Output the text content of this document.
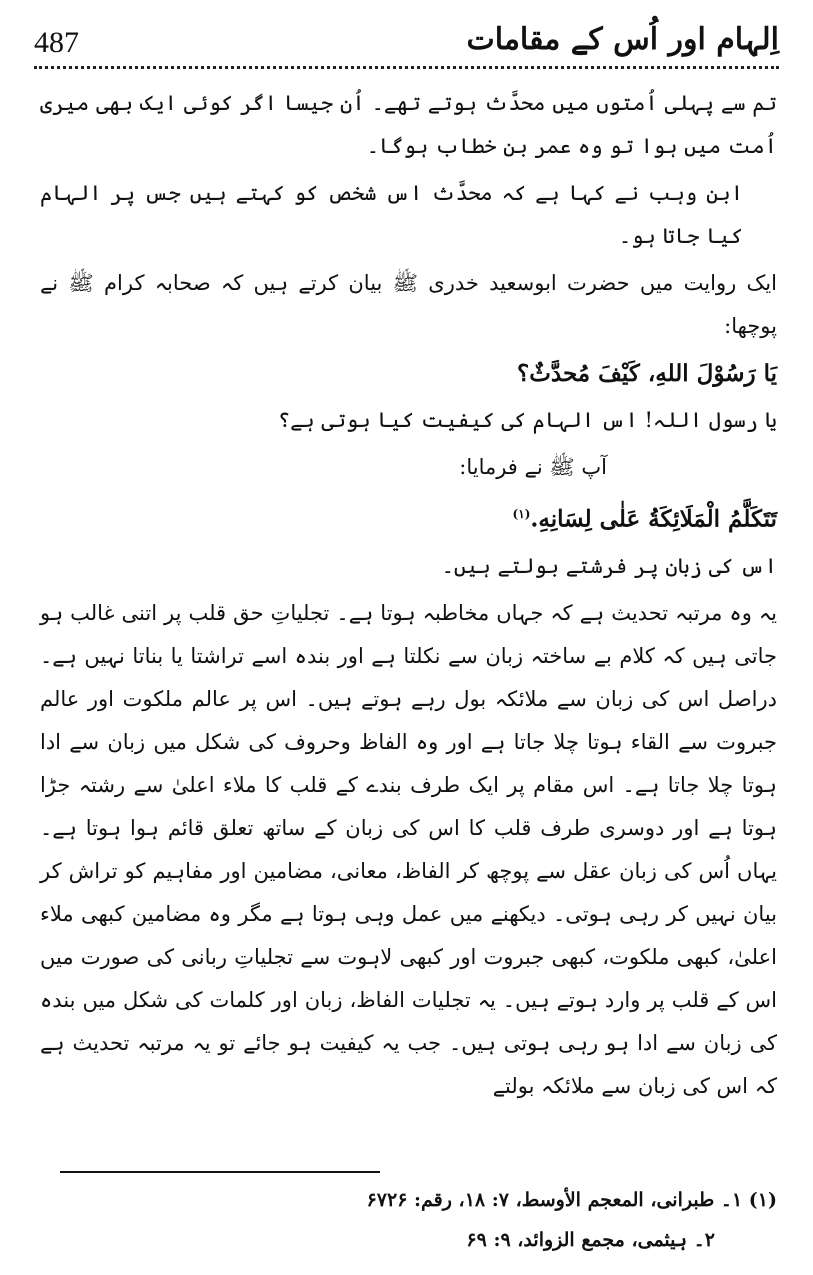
487	اِلہام اور اُس کے مقامات

تم سے پہلی اُمتوں میں محدَّث ہوتے تھے۔ اُن جیسا اگر کوئی ایک بھی میری اُمت میں ہوا تو وہ عمر بن خطاب ہوگا۔

ابن وہب نے کہا ہے کہ محدَّث اس شخص کو کہتے ہیں جس پر الہام کیا جاتا ہو۔

ایک روایت میں حضرت ابوسعید خدری ﷺ بیان کرتے ہیں کہ صحابہ کرام ﷺ نے پوچھا:

یَا رَسُوْلَ اللهِ، کَیْفَ مُحدَّثٌ؟

یا رسول اللہ! اس الہام کی کیفیت کیا ہوتی ہے؟

آپ ﷺ نے فرمایا:

تَتَکَلَّمُ الْمَلَائِکَةُ عَلٰی لِسَانِهِ.$^{(۱)}$

اس کی زبان پر فرشتے بولتے ہیں۔

یہ وہ مرتبہ تحدیث ہے کہ جہاں مخاطبہ ہوتا ہے۔ تجلیاتِ حق قلب پر اتنی غالب ہو جاتی ہیں کہ کلام بے ساختہ زبان سے نکلتا ہے اور بندہ اسے تراشتا یا بناتا نہیں ہے۔ دراصل اس کی زبان سے ملائکہ بول رہے ہوتے ہیں۔ اس پر عالم ملکوت اور عالم جبروت سے القاء ہوتا چلا جاتا ہے اور وہ الفاظ وحروف کی شکل میں زبان سے ادا ہوتا چلا جاتا ہے۔ اس مقام پر ایک طرف بندے کے قلب کا ملاء اعلیٰ سے رشتہ جڑا ہوتا ہے اور دوسری طرف قلب کا اس کی زبان کے ساتھ تعلق قائم ہوا ہوتا ہے۔ یہاں اُس کی زبان عقل سے پوچھ کر الفاظ، معانی، مضامین اور مفاہیم کو تراش کر بیان نہیں کر رہی ہوتی۔ دیکھنے میں عمل وہی ہوتا ہے مگر وہ مضامین کبھی ملاء اعلیٰ، کبھی ملکوت، کبھی جبروت اور کبھی لاہوت سے تجلیاتِ ربانی کی صورت میں اس کے قلب پر وارد ہوتے ہیں۔ یہ تجلیات الفاظ، زبان اور کلمات کی شکل میں بندہ کی زبان سے ادا ہو رہی ہوتی ہیں۔ جب یہ کیفیت ہو جائے تو یہ مرتبہ تحدیث ہے کہ اس کی زبان سے ملائکہ بولتے

(۱) ۱۔ طبرانی، المعجم الأوسط، ۷: ۱۸، رقم: ۶۷۲۶

۲۔ ہیثمی، مجمع الزوائد، ۹: ۶۹
